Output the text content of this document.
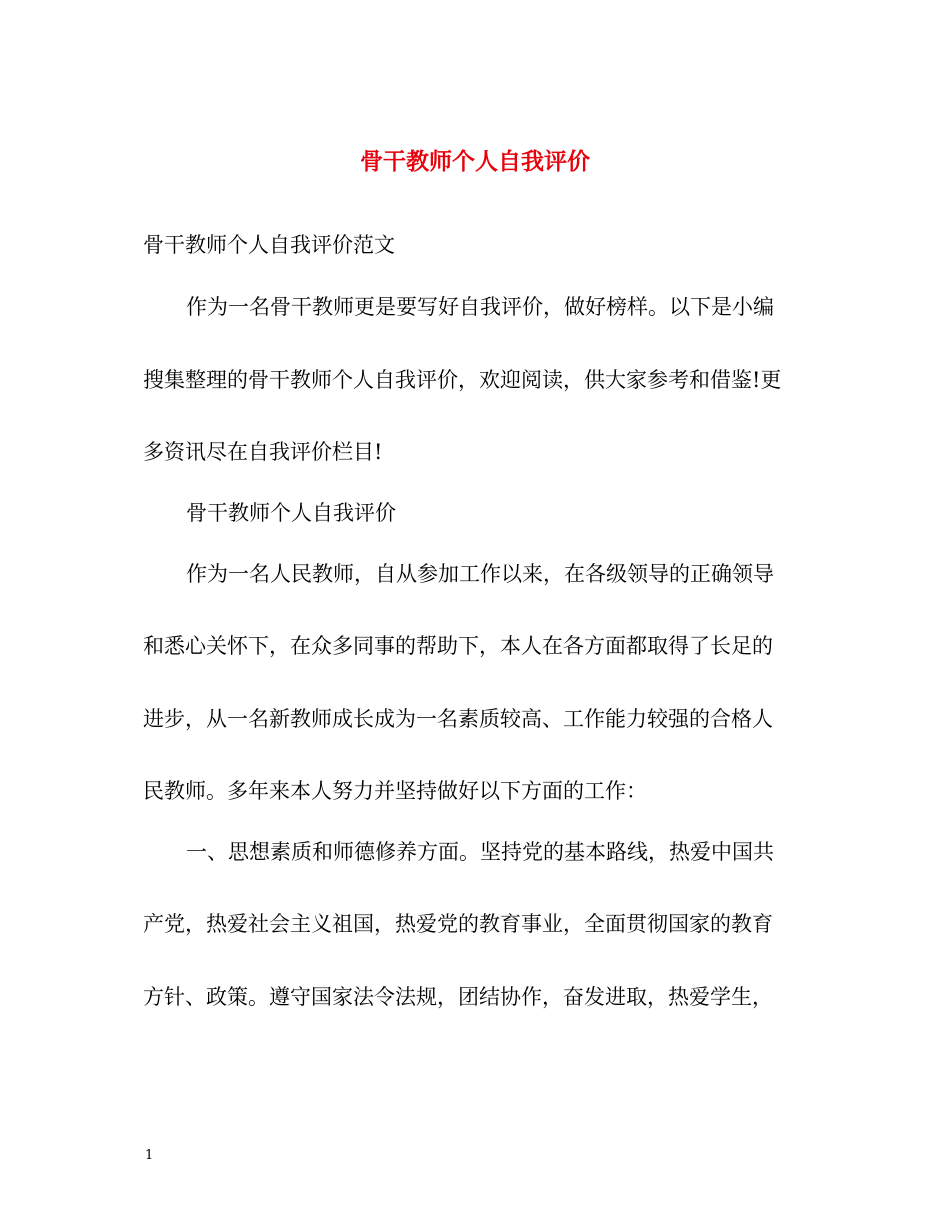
骨干教师个人自我评价
骨干教师个人自我评价范文
作为一名骨干教师更是要写好自我评价，做好榜样。以下是小编
搜集整理的骨干教师个人自我评价，欢迎阅读，供大家参考和借鉴!更
多资讯尽在自我评价栏目!
骨干教师个人自我评价
作为一名人民教师，自从参加工作以来，在各级领导的正确领导
和悉心关怀下，在众多同事的帮助下，本人在各方面都取得了长足的
进步，从一名新教师成长成为一名素质较高、工作能力较强的合格人
民教师。多年来本人努力并坚持做好以下方面的工作：
一、思想素质和师德修养方面。坚持党的基本路线，热爱中国共
产党，热爱社会主义祖国，热爱党的教育事业，全面贯彻国家的教育
方针、政策。遵守国家法令法规，团结协作，奋发进取，热爱学生，
1
